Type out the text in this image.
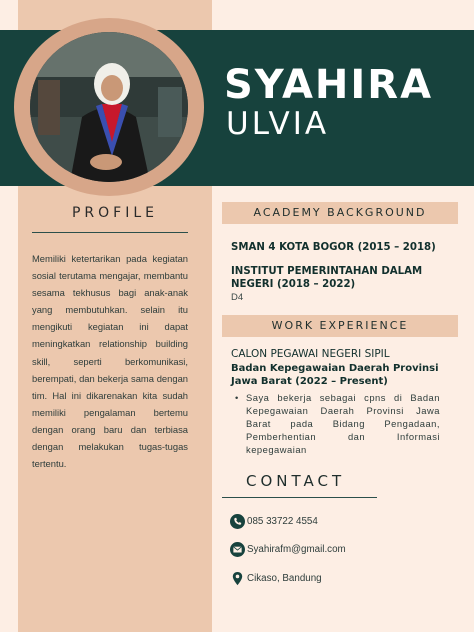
SYAHIRA
ULVIA
PROFILE
Memiliki ketertarikan pada kegiatan sosial terutama mengajar, membantu sesama tekhusus bagi anak-anak yang membutuhkan. selain itu mengikuti kegiatan ini dapat meningkatkan relationship building skill, seperti berkomunikasi, berempati, dan bekerja sama dengan tim. Hal ini dikarenakan kita sudah memiliki pengalaman bertemu dengan orang baru dan terbiasa dengan melakukan tugas-tugas tertentu.
ACADEMY BACKGROUND
SMAN 4 KOTA BOGOR (2015 – 2018)
INSTITUT PEMERINTAHAN DALAM NEGERI (2018 – 2022)
D4
WORK EXPERIENCE
CALON PEGAWAI NEGERI SIPIL
Badan Kepegawaian Daerah Provinsi Jawa Barat (2022 – Present)
• Saya bekerja sebagai cpns di Badan Kepegawaian Daerah Provinsi Jawa Barat pada Bidang Pengadaan, Pemberhentian dan Informasi kepegawaian
CONTACT
085 33722 4554
Syahirafm@gmail.com
Cikaso, Bandung
